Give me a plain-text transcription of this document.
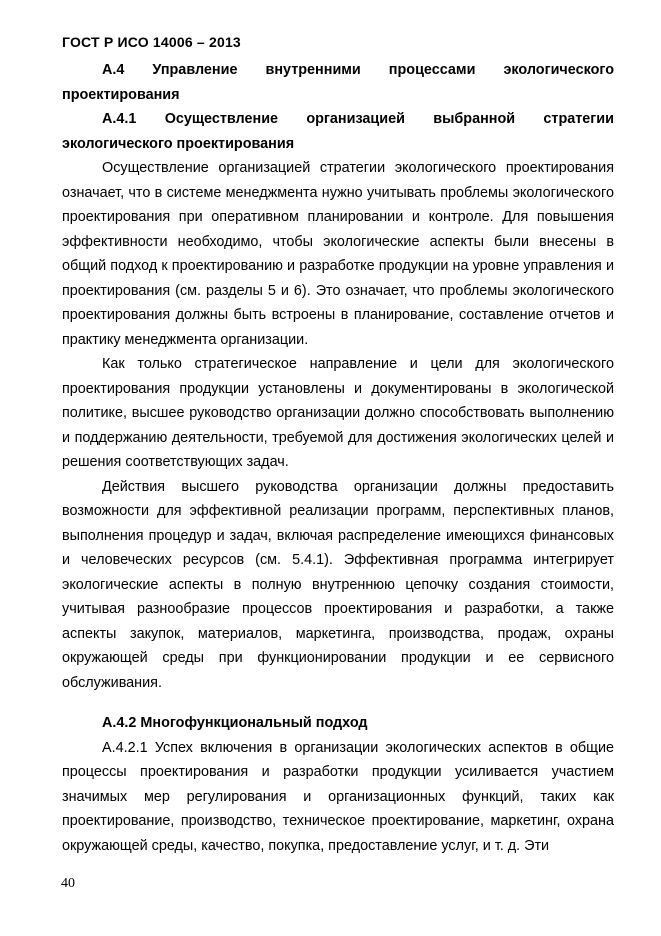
ГОСТ Р ИСО 14006 – 2013

А.4 Управление внутренними процессами экологического проектирования

А.4.1 Осуществление организацией выбранной стратегии экологического проектирования

Осуществление организацией стратегии экологического проектирования означает, что в системе менеджмента нужно учитывать проблемы экологического проектирования при оперативном планировании и контроле. Для повышения эффективности необходимо, чтобы экологические аспекты были внесены в общий подход к проектированию и разработке продукции на уровне управления и проектирования (см. разделы 5 и 6). Это означает, что проблемы экологического проектирования должны быть встроены в планирование, составление отчетов и практику менеджмента организации.

Как только стратегическое направление и цели для экологического проектирования продукции установлены и документированы в экологической политике, высшее руководство организации должно способствовать выполнению и поддержанию деятельности, требуемой для достижения экологических целей и решения соответствующих задач.

Действия высшего руководства организации должны предоставить возможности для эффективной реализации программ, перспективных планов, выполнения процедур и задач, включая распределение имеющихся финансовых и человеческих ресурсов (см. 5.4.1). Эффективная программа интегрирует экологические аспекты в полную внутреннюю цепочку создания стоимости, учитывая разнообразие процессов проектирования и разработки, а также аспекты закупок, материалов, маркетинга, производства, продаж, охраны окружающей среды при функционировании продукции и ее сервисного обслуживания.

А.4.2 Многофункциональный подход

А.4.2.1 Успех включения в организации экологических аспектов в общие процессы проектирования и разработки продукции усиливается участием значимых мер регулирования и организационных функций, таких как проектирование, производство, техническое проектирование, маркетинг, охрана окружающей среды, качество, покупка, предоставление услуг, и т. д. Эти

40
